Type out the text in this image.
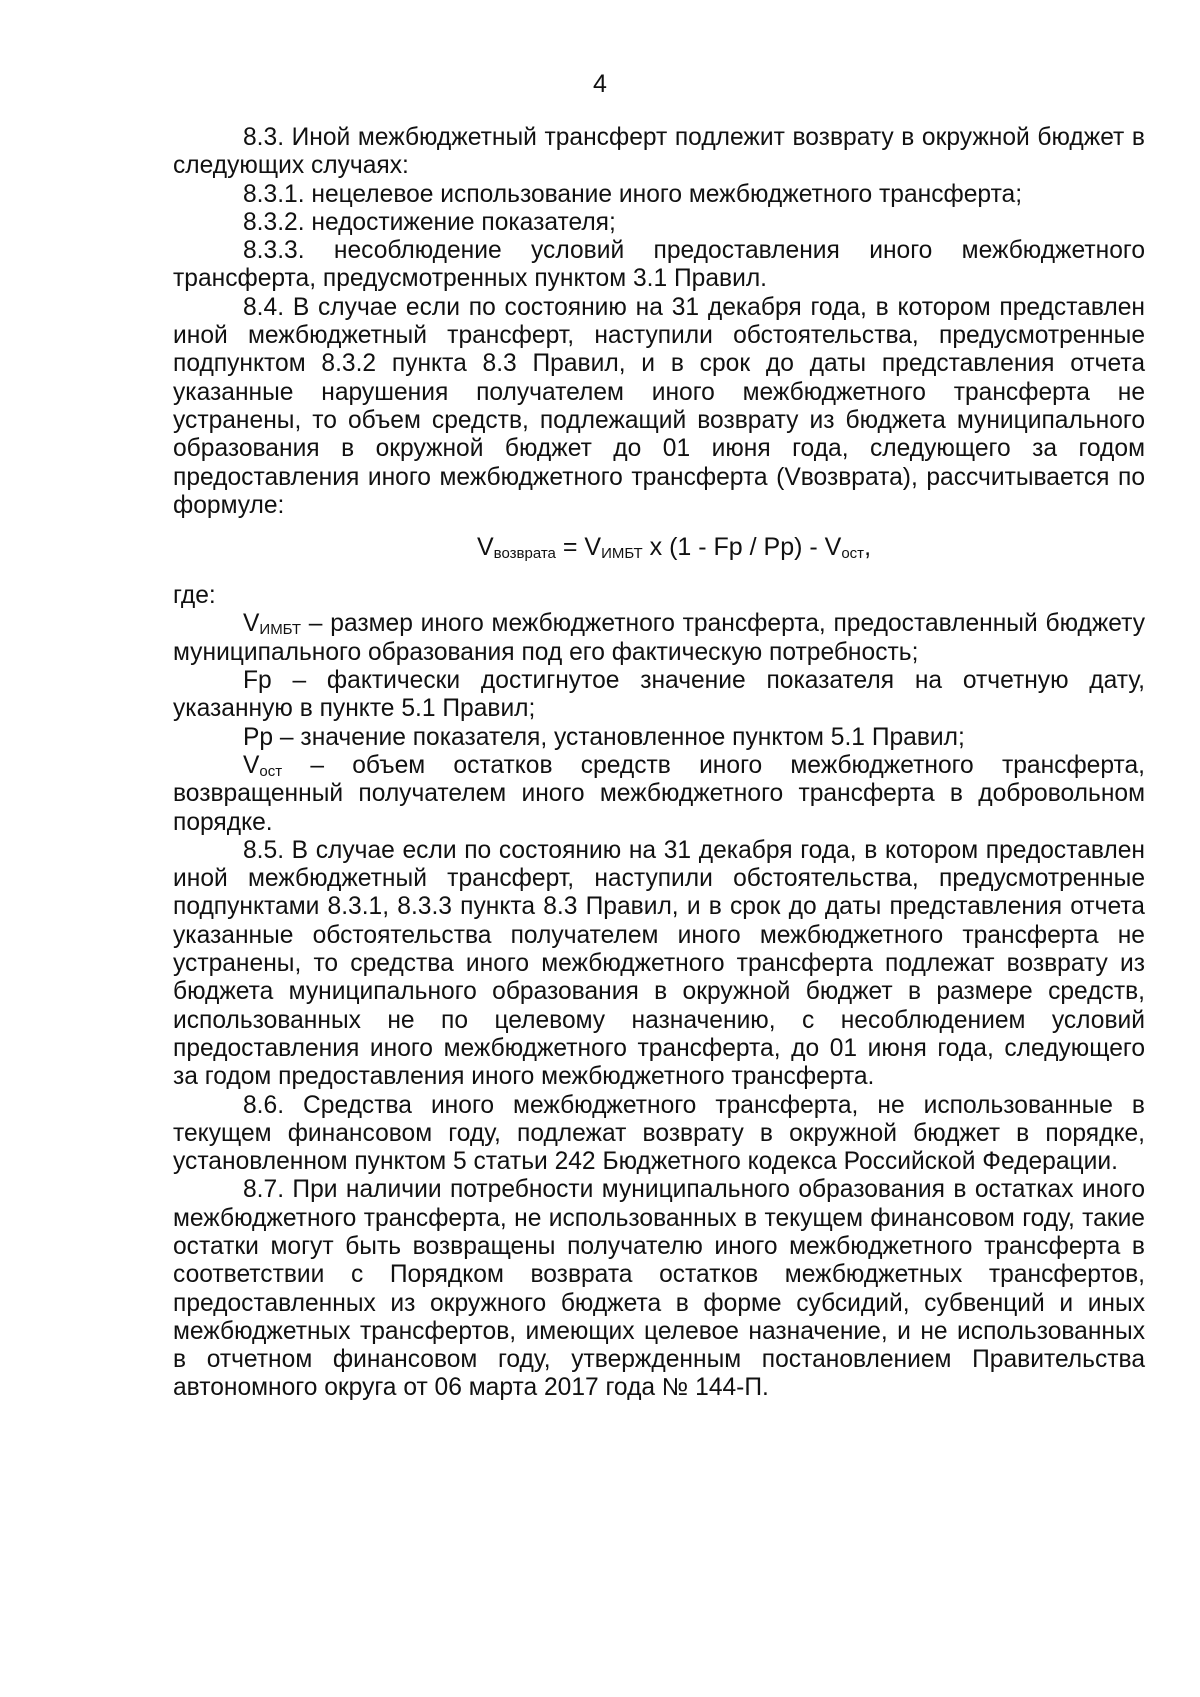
4

8.3. Иной межбюджетный трансферт подлежит возврату в окружной бюджет в следующих случаях:

8.3.1. нецелевое использование иного межбюджетного трансферта;

8.3.2. недостижение показателя;

8.3.3. несоблюдение условий предоставления иного межбюджетного трансферта, предусмотренных пунктом 3.1 Правил.

8.4. В случае если по состоянию на 31 декабря года, в котором представлен иной межбюджетный трансферт, наступили обстоятельства, предусмотренные подпунктом 8.3.2 пункта 8.3 Правил, и в срок до даты представления отчета указанные нарушения получателем иного межбюджетного трансферта не устранены, то объем средств, подлежащий возврату из бюджета муниципального образования в окружной бюджет до 01 июня года, следующего за годом предоставления иного межбюджетного трансферта (Vвозврата), рассчитывается по формуле:

$V_{возврата} = V_{ИМБТ}$ x (1 - Fp / $Pp) - V_{ост}$,

где:

$V_{ИМБТ}$ – размер иного межбюджетного трансферта, предоставленный бюджету муниципального образования под его фактическую потребность;

Fp – фактически достигнутое значение показателя на отчетную дату, указанную в пункте 5.1 Правил;

Pp – значение показателя, установленное пунктом 5.1 Правил;

$V_{ост}$ – объем остатков средств иного межбюджетного трансферта, возвращенный получателем иного межбюджетного трансферта в добровольном порядке.

8.5. В случае если по состоянию на 31 декабря года, в котором предоставлен иной межбюджетный трансферт, наступили обстоятельства, предусмотренные подпунктами 8.3.1, 8.3.3 пункта 8.3 Правил, и в срок до даты представления отчета указанные обстоятельства получателем иного межбюджетного трансферта не устранены, то средства иного межбюджетного трансферта подлежат возврату из бюджета муниципального образования в окружной бюджет в размере средств, использованных не по целевому назначению, с несоблюдением условий предоставления иного межбюджетного трансферта, до 01 июня года, следующего за годом предоставления иного межбюджетного трансферта.

8.6. Средства иного межбюджетного трансферта, не использованные в текущем финансовом году, подлежат возврату в окружной бюджет в порядке, установленном пунктом 5 статьи 242 Бюджетного кодекса Российской Федерации.

8.7. При наличии потребности муниципального образования в остатках иного межбюджетного трансферта, не использованных в текущем финансовом году, такие остатки могут быть возвращены получателю иного межбюджетного трансферта в соответствии с Порядком возврата остатков межбюджетных трансфертов, предоставленных из окружного бюджета в форме субсидий, субвенций и иных межбюджетных трансфертов, имеющих целевое назначение, и не использованных в отчетном финансовом году, утвержденным постановлением Правительства автономного округа от 06 марта 2017 года № 144-П.
